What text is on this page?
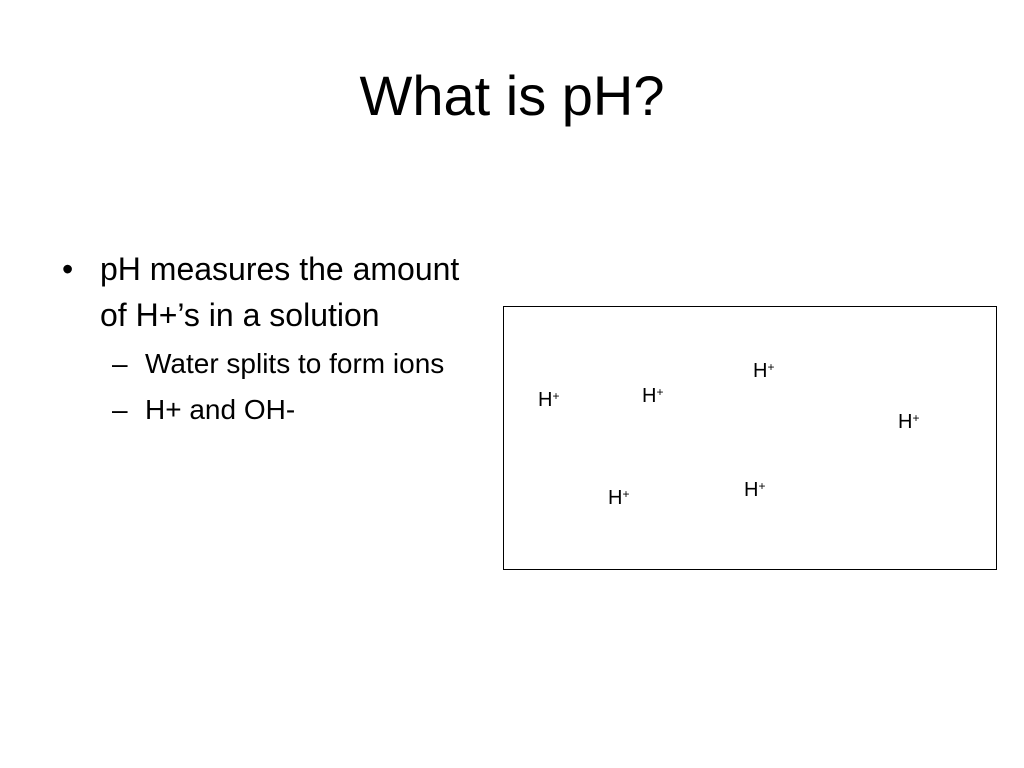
What is pH?
• pH measures the amount of H+’s in a solution
– Water splits to form ions
– H+ and OH-	H+	H+
H+
H+
H+	H+
